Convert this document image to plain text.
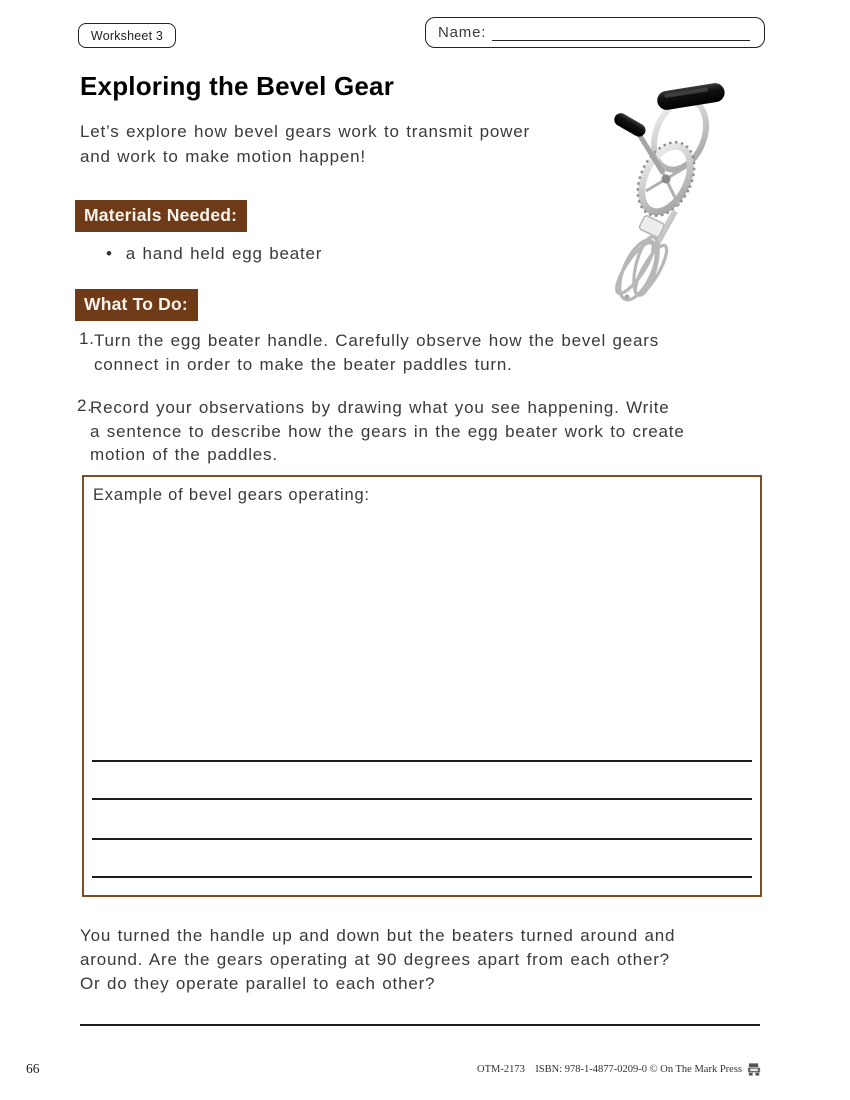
Worksheet 3	Name:
Exploring the Bevel Gear
Let’s explore how bevel gears work to transmit power
and work to make motion happen!
Materials Needed:
• a hand held egg beater
What To Do:
1. Turn the egg beater handle. Carefully observe how the bevel gears
connect in order to make the beater paddles turn.
2.
Record your observations by drawing what you see happening. Write
a sentence to describe how the gears in the egg beater work to create
motion of the paddles.
Example of bevel gears operating:
You turned the handle up and down but the beaters turned around and
around. Are the gears operating at 90 degrees apart from each other?
Or do they operate parallel to each other?
66	OTM-2173    ISBN: 978-1-4877-0209-0 © On The Mark Press
